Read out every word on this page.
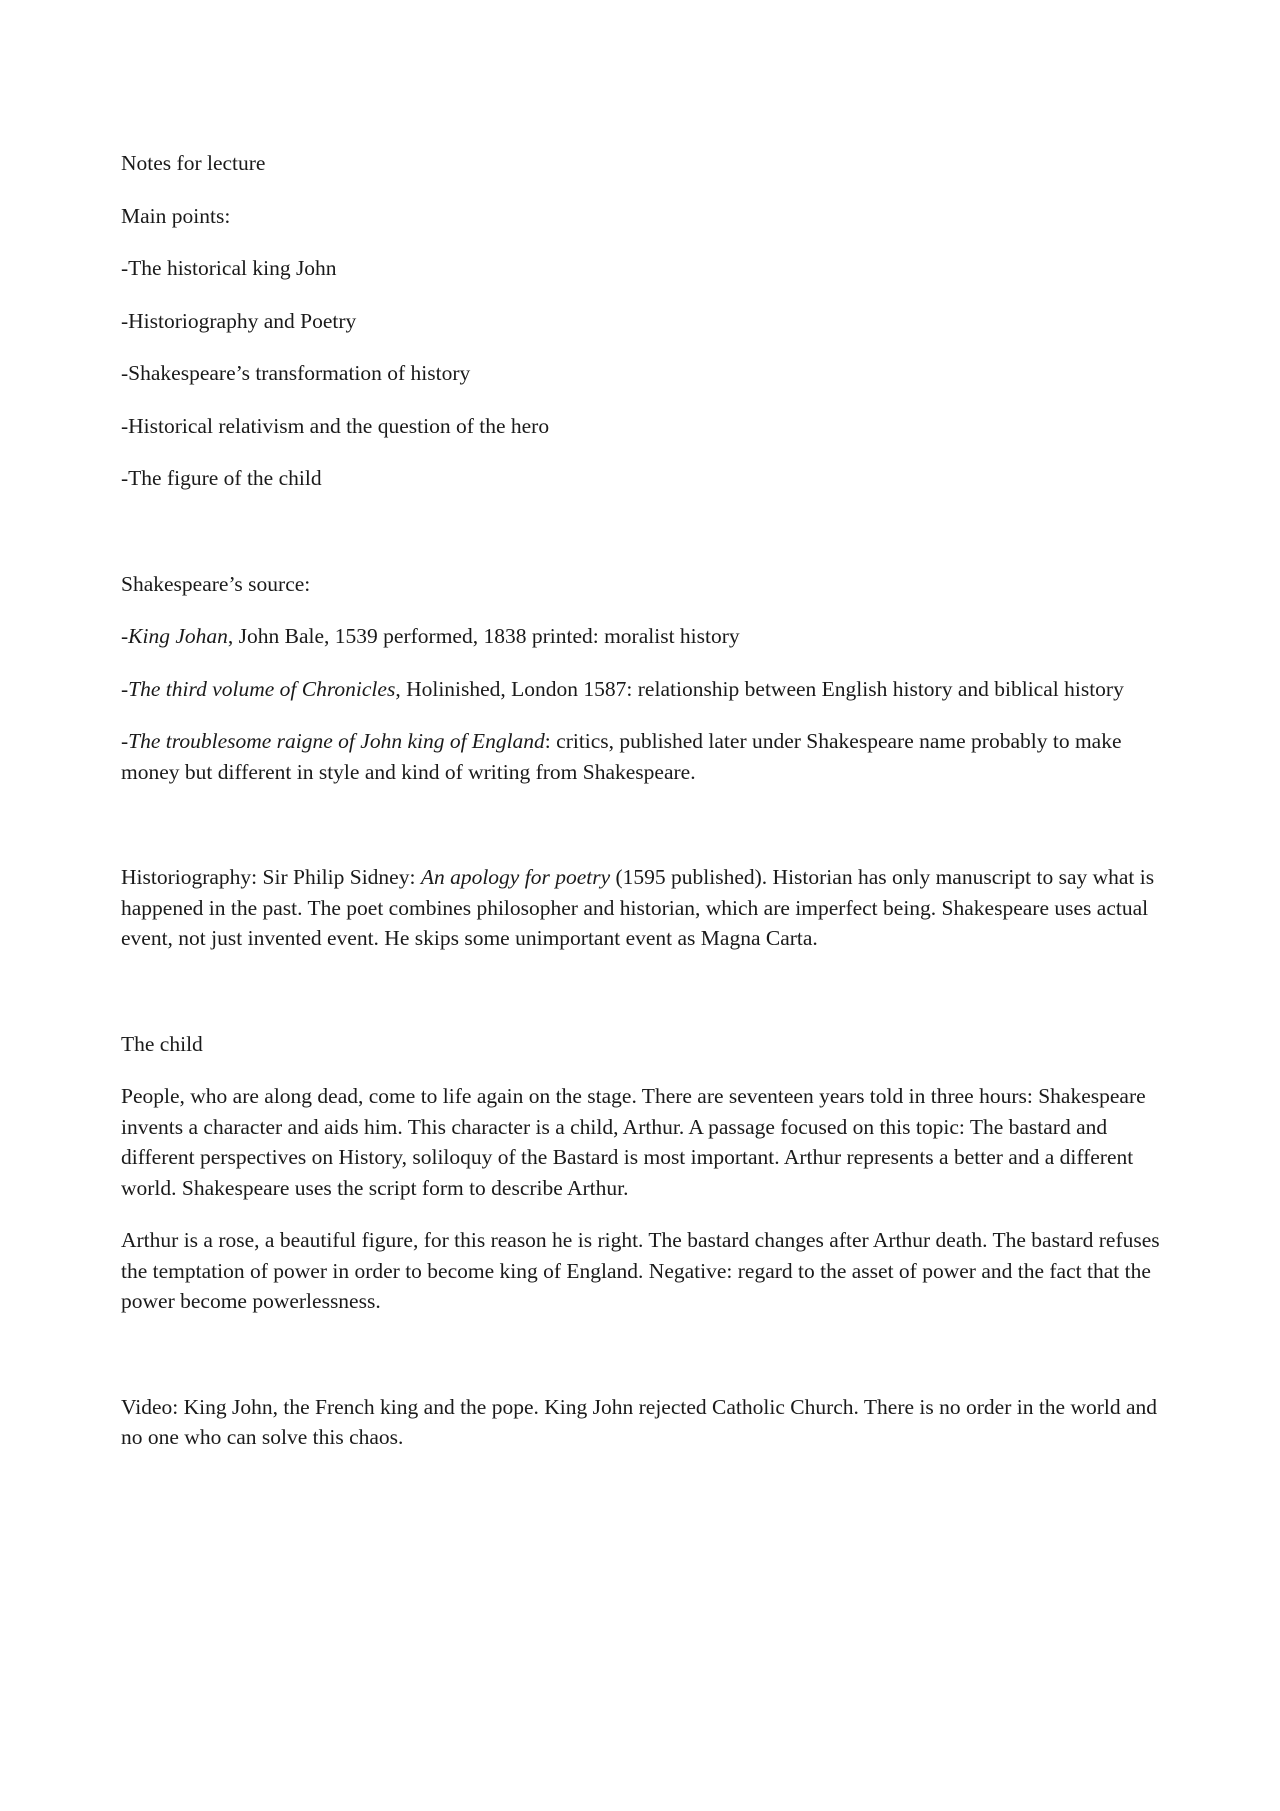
Notes for lecture

Main points:

-The historical king John

-Historiography and Poetry

-Shakespeare’s transformation of history

-Historical relativism and the question of the hero

-The figure of the child

Shakespeare’s source:

-King Johan, John Bale, 1539 performed, 1838 printed: moralist history

-The third volume of Chronicles, Holinished, London 1587: relationship between English history and biblical history

-The troublesome raigne of John king of England: critics, published later under Shakespeare name probably to make money but different in style and kind of writing from Shakespeare.

Historiography: Sir Philip Sidney: An apology for poetry (1595 published). Historian has only manuscript to say what is happened in the past. The poet combines philosopher and historian, which are imperfect being. Shakespeare uses actual event, not just invented event. He skips some unimportant event as Magna Carta.

The child

People, who are along dead, come to life again on the stage. There are seventeen years told in three hours: Shakespeare invents a character and aids him. This character is a child, Arthur. A passage focused on this topic: The bastard and different perspectives on History, soliloquy of the Bastard is most important. Arthur represents a better and a different world. Shakespeare uses the script form to describe Arthur.

Arthur is a rose, a beautiful figure, for this reason he is right. The bastard changes after Arthur death. The bastard refuses the temptation of power in order to become king of England. Negative: regard to the asset of power and the fact that the power become powerlessness.

Video: King John, the French king and the pope. King John rejected Catholic Church. There is no order in the world and no one who can solve this chaos.
